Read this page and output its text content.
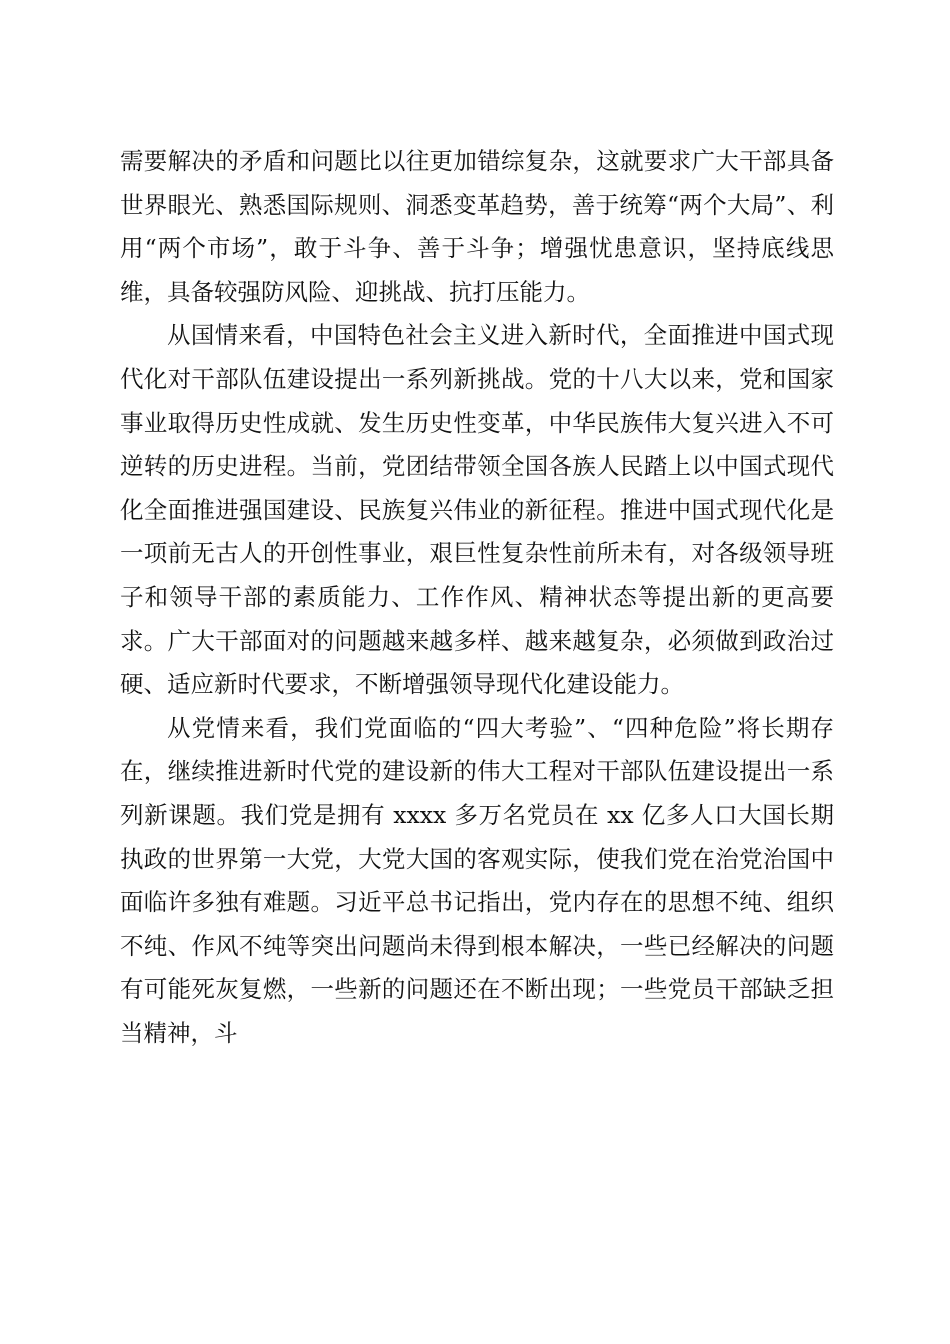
需要解决的矛盾和问题比以往更加错综复杂，这就要求广大干部具备世界眼光、熟悉国际规则、洞悉变革趋势，善于统筹“两个大局”、利用“两个市场”，敢于斗争、善于斗争；增强忧患意识，坚持底线思维，具备较强防风险、迎挑战、抗打压能力。

从国情来看，中国特色社会主义进入新时代，全面推进中国式现代化对干部队伍建设提出一系列新挑战。党的十八大以来，党和国家事业取得历史性成就、发生历史性变革，中华民族伟大复兴进入不可逆转的历史进程。当前，党团结带领全国各族人民踏上以中国式现代化全面推进强国建设、民族复兴伟业的新征程。推进中国式现代化是一项前无古人的开创性事业，艰巨性复杂性前所未有，对各级领导班子和领导干部的素质能力、工作作风、精神状态等提出新的更高要求。广大干部面对的问题越来越多样、越来越复杂，必须做到政治过硬、适应新时代要求，不断增强领导现代化建设能力。

从党情来看，我们党面临的“四大考验”、“四种危险”将长期存在，继续推进新时代党的建设新的伟大工程对干部队伍建设提出一系列新课题。我们党是拥有 xxxx 多万名党员在 xx 亿多人口大国长期执政的世界第一大党，大党大国的客观实际，使我们党在治党治国中面临许多独有难题。习近平总书记指出，党内存在的思想不纯、组织不纯、作风不纯等突出问题尚未得到根本解决，一些已经解决的问题有可能死灰复燃，一些新的问题还在不断出现；一些党员干部缺乏担当精神，斗
